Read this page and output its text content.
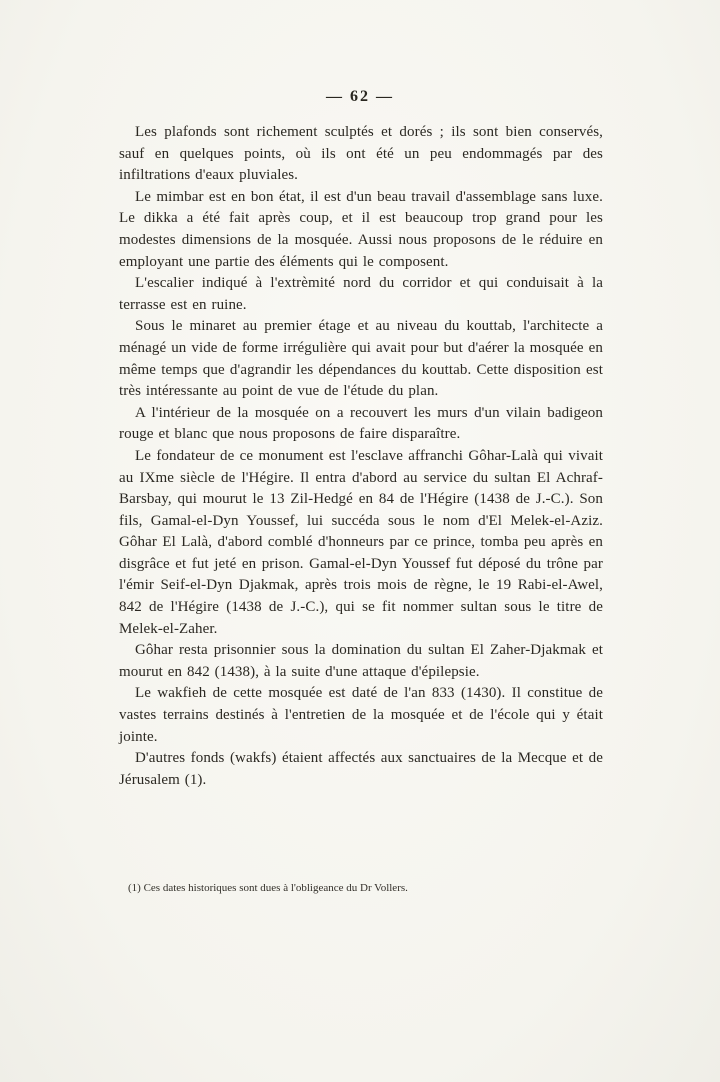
— 62 —

Les plafonds sont richement sculptés et dorés ; ils sont bien conservés, sauf en quelques points, où ils ont été un peu endommagés par des infiltrations d'eaux pluviales.

Le mimbar est en bon état, il est d'un beau travail d'assemblage sans luxe. Le dikka a été fait après coup, et il est beaucoup trop grand pour les modestes dimensions de la mosquée. Aussi nous proposons de le réduire en employant une partie des éléments qui le composent.

L'escalier indiqué à l'extrèmité nord du corridor et qui conduisait à la terrasse est en ruine.

Sous le minaret au premier étage et au niveau du kouttab, l'architecte a ménagé un vide de forme irrégulière qui avait pour but d'aérer la mosquée en même temps que d'agrandir les dépendances du kouttab. Cette disposition est très intéressante au point de vue de l'étude du plan.

A l'intérieur de la mosquée on a recouvert les murs d'un vilain badigeon rouge et blanc que nous proposons de faire disparaître.

Le fondateur de ce monument est l'esclave affranchi Gôhar-Lalà qui vivait au IXme siècle de l'Hégire. Il entra d'abord au service du sultan El Achraf-Barsbay, qui mourut le 13 Zil-Hedgé en 84 de l'Hégire (1438 de J.-C.). Son fils, Gamal-el-Dyn Youssef, lui succéda sous le nom d'El Melek-el-Aziz. Gôhar El Lalà, d'abord comblé d'honneurs par ce prince, tomba peu après en disgrâce et fut jeté en prison. Gamal-el-Dyn Youssef fut déposé du trône par l'émir Seif-el-Dyn Djakmak, après trois mois de règne, le 19 Rabi-el-Awel, 842 de l'Hégire (1438 de J.-C.), qui se fit nommer sultan sous le titre de Melek-el-Zaher.

Gôhar resta prisonnier sous la domination du sultan El Zaher-Djakmak et mourut en 842 (1438), à la suite d'une attaque d'épilepsie.

Le wakfieh de cette mosquée est daté de l'an 833 (1430). Il constitue de vastes terrains destinés à l'entretien de la mosquée et de l'école qui y était jointe.

D'autres fonds (wakfs) étaient affectés aux sanctuaires de la Mecque et de Jérusalem (1).

(1) Ces dates historiques sont dues à l'obligeance du Dr Vollers.
